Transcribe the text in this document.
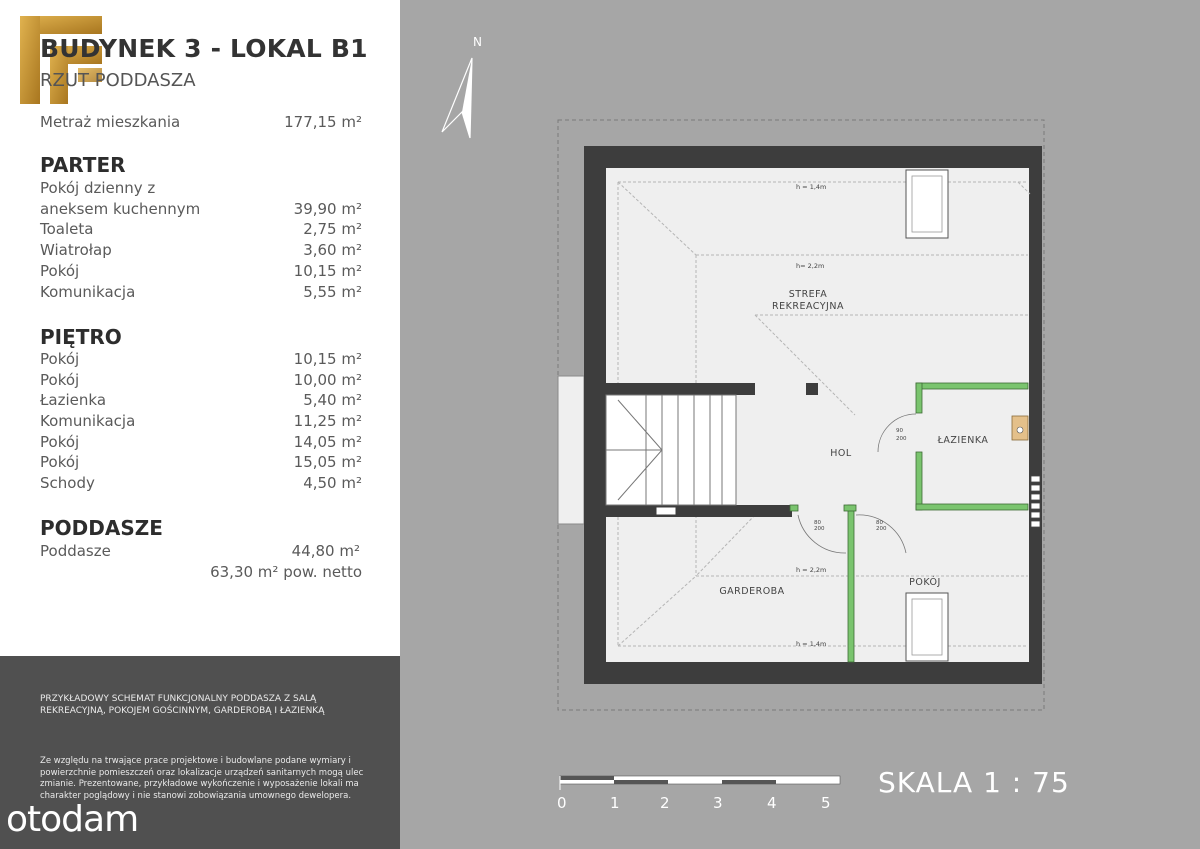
BUDYNEK 3 - LOKAL B1
RZUT PODDASZA
Metraż mieszkania	177,15 m²
PARTER
Pokój dzienny z
aneksem kuchennym	39,90 m²
Toaleta	2,75 m²
Wiatrołap	3,60 m²
Pokój	10,15 m²
Komunikacja	5,55 m²
PIĘTRO
Pokój	10,15 m²
Pokój	10,00 m²
Łazienka	5,40 m²
Komunikacja	11,25 m²
Pokój	14,05 m²
Pokój	15,05 m²
Schody	4,50 m²
PODDASZE
Poddasze	44,80 m²
63,30 m² pow. netto
PRZYKŁADOWY SCHEMAT FUNKCJONALNY PODDASZA Z SALĄ REKREACYJNĄ, POKOJEM GOŚCINNYM, GARDEROBĄ I ŁAZIENKĄ
Ze względu na trwające prace projektowe i budowlane podane wymiary i powierzchnie pomieszczeń oraz lokalizacje urządzeń sanitarnych mogą ulec zmianie. Prezentowane, przykładowe wykończenie i wyposażenie lokali ma charakter poglądowy i nie stanowi zobowiązania umownego dewelopera.
otodam
N
90
200
80
200
80
200
STREFA
REKREACYJNA
HOL
ŁAZIENKA
GARDEROBA
POKÓJ
h = 1,4m
h= 2,2m
h = 2,2m
h = 1,4m
SKALA 1 : 75
0	1	2	3	4	5
